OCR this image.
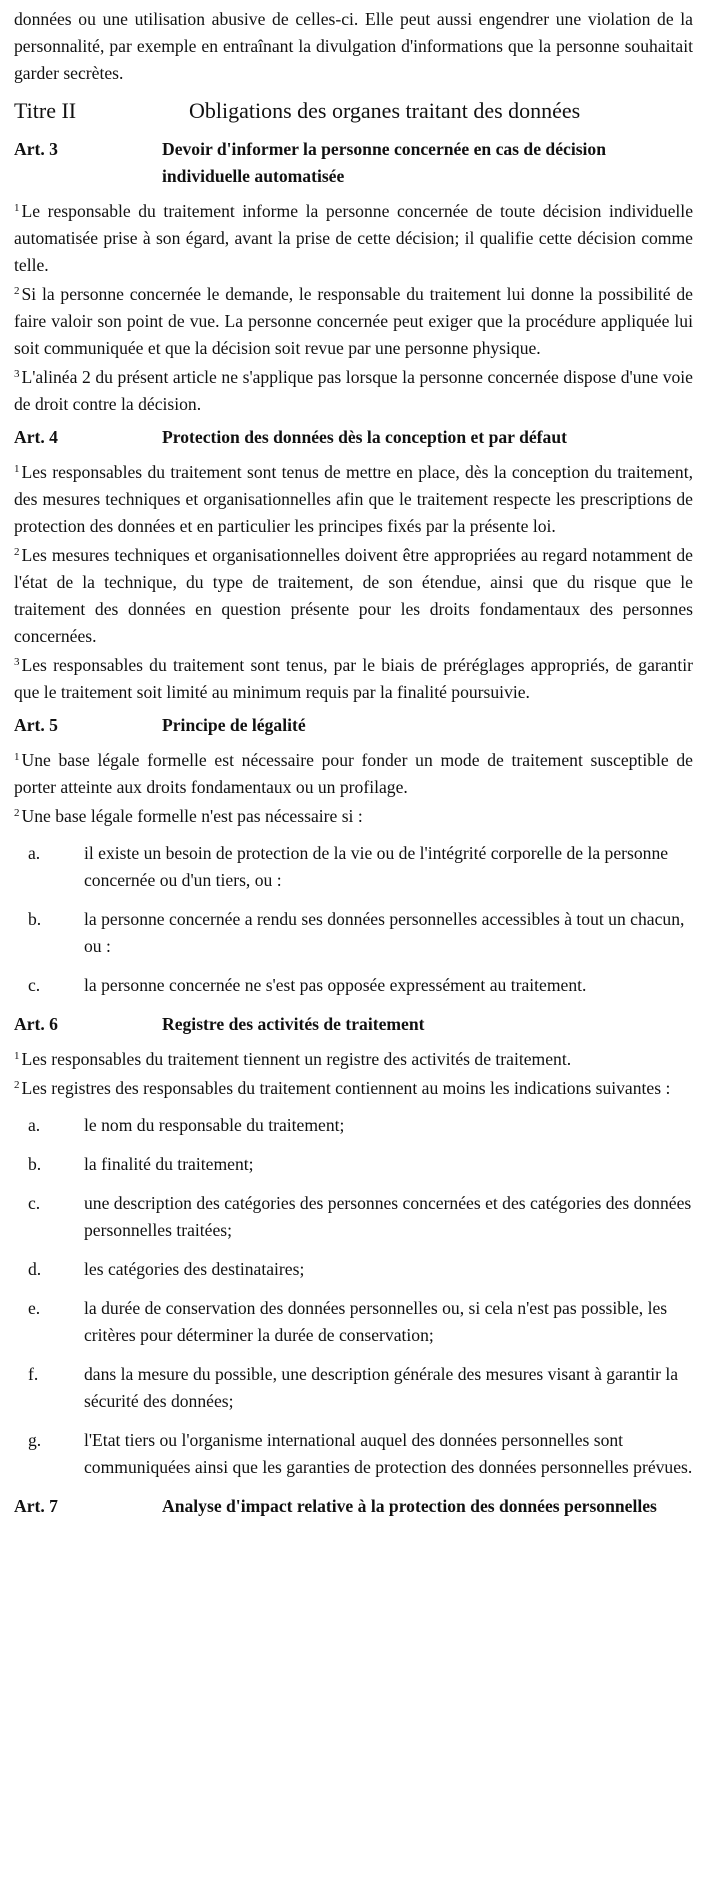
données ou une utilisation abusive de celles-ci. Elle peut aussi engendrer une violation de la personnalité, par exemple en entraînant la divulgation d'informations que la personne souhaitait garder secrètes.

Titre II	Obligations des organes traitant des données
Art. 3	Devoir d'informer la personne concernée en cas de décision individuelle automatisée

$^1$ Le responsable du traitement informe la personne concernée de toute décision individuelle automatisée prise à son égard, avant la prise de cette décision; il qualifie cette décision comme telle.

$^2$ Si la personne concernée le demande, le responsable du traitement lui donne la possibilité de faire valoir son point de vue. La personne concernée peut exiger que la procédure appliquée lui soit communiquée et que la décision soit revue par une personne physique.

$^3$ L'alinéa 2 du présent article ne s'applique pas lorsque la personne concernée dispose d'une voie de droit contre la décision.

Art. 4	Protection des données dès la conception et par défaut

$^1$ Les responsables du traitement sont tenus de mettre en place, dès la conception du traitement, des mesures techniques et organisationnelles afin que le traitement respecte les prescriptions de protection des données et en particulier les principes fixés par la présente loi.

$^2$ Les mesures techniques et organisationnelles doivent être appropriées au regard notamment de l'état de la technique, du type de traitement, de son étendue, ainsi que du risque que le traitement des données en question présente pour les droits fondamentaux des personnes concernées.

$^3$ Les responsables du traitement sont tenus, par le biais de préréglages appropriés, de garantir que le traitement soit limité au minimum requis par la finalité poursuivie.

Art. 5	Principe de légalité

$^1$ Une base légale formelle est nécessaire pour fonder un mode de traitement susceptible de porter atteinte aux droits fondamentaux ou un profilage.

$^2$ Une base légale formelle n'est pas nécessaire si :

a.	il existe un besoin de protection de la vie ou de l'intégrité corporelle de la personne concernée ou d'un tiers, ou :
b.	la personne concernée a rendu ses données personnelles accessibles à tout un chacun, ou :
c.	la personne concernée ne s'est pas opposée expressément au traitement.
Art. 6	Registre des activités de traitement

$^1$ Les responsables du traitement tiennent un registre des activités de traitement.

$^2$ Les registres des responsables du traitement contiennent au moins les indications suivantes :

a.	le nom du responsable du traitement;
b.	la finalité du traitement;
c.	une description des catégories des personnes concernées et des catégories des données personnelles traitées;
d.	les catégories des destinataires;
e.	la durée de conservation des données personnelles ou, si cela n'est pas possible, les critères pour déterminer la durée de conservation;
f.	dans la mesure du possible, une description générale des mesures visant à garantir la sécurité des données;
g.	l'Etat tiers ou l'organisme international auquel des données personnelles sont communiquées ainsi que les garanties de protection des données personnelles prévues.
Art. 7	Analyse d'impact relative à la protection des données personnelles
